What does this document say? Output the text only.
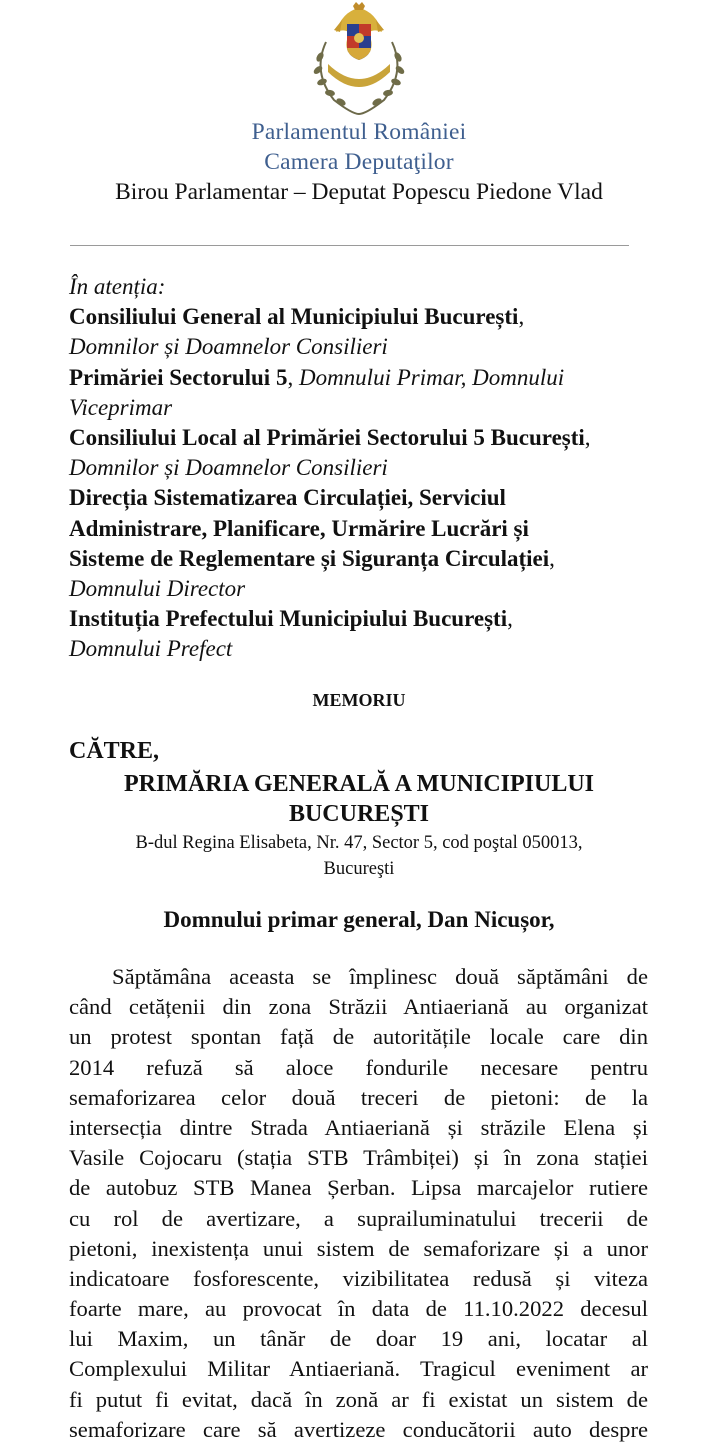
Parlamentul României
Camera Deputaţilor
Birou Parlamentar – Deputat Popescu Piedone Vlad
În atenția:
Consiliului General al Municipiului București,
Domnilor și Doamnelor Consilieri
Primăriei Sectorului 5, Domnului Primar, Domnului
Viceprimar
Consiliului Local al Primăriei Sectorului 5 București,
Domnilor și Doamnelor Consilieri
Direcția Sistematizarea Circulației, Serviciul
Administrare, Planificare, Urmărire Lucrări și
Sisteme de Reglementare și Siguranța Circulației,
Domnului Director
Instituția Prefectului Municipiului București,
Domnului Prefect
MEMORIU
CĂTRE,
PRIMĂRIA GENERALĂ A MUNICIPIULUI
BUCUREȘTI
B-dul Regina Elisabeta, Nr. 47, Sector 5, cod poştal 050013,
Bucureşti
Domnului primar general, Dan Nicușor,
Săptămâna aceasta se împlinesc două săptămâni de
când cetățenii din zona Străzii Antiaeriană au organizat
un protest spontan față de autoritățile locale care din
2014 refuză să aloce fondurile necesare pentru
semaforizarea celor două treceri de pietoni: de la
intersecția dintre Strada Antiaeriană și străzile Elena și
Vasile Cojocaru (stația STB Trâmbiței) și în zona stației
de autobuz STB Manea Șerban. Lipsa marcajelor rutiere
cu rol de avertizare, a suprailuminatului trecerii de
pietoni, inexistența unui sistem de semaforizare și a unor
indicatoare fosforescente, vizibilitatea redusă și viteza
foarte mare, au provocat în data de 11.10.2022 decesul
lui Maxim, un tânăr de doar 19 ani, locatar al
Complexului Militar Antiaeriană. Tragicul eveniment ar
fi putut fi evitat, dacă în zonă ar fi existat un sistem de
semaforizare care să avertizeze conducătorii auto despre
